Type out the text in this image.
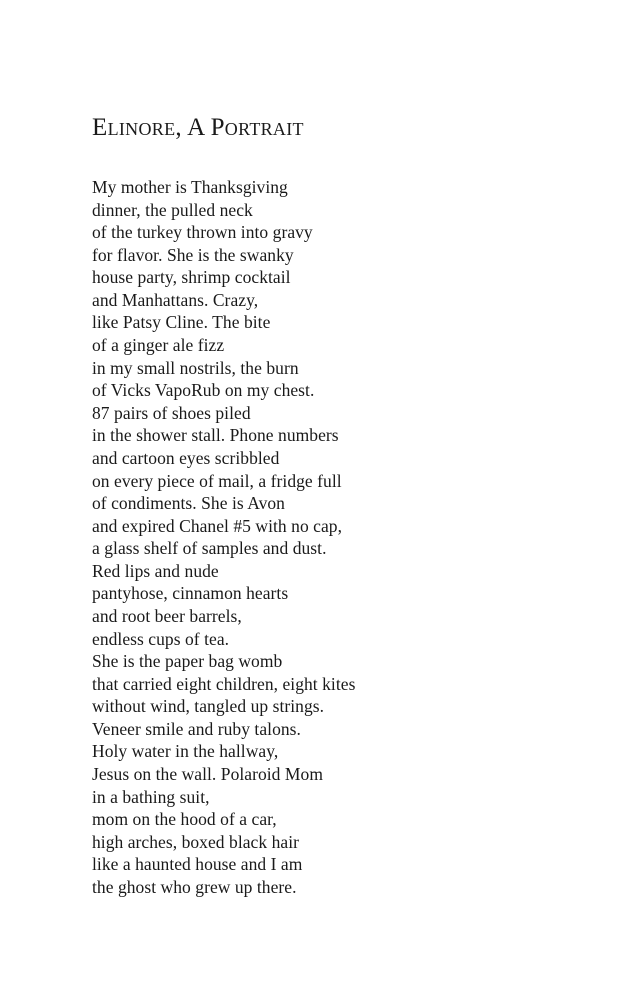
Elinore, A Portrait
My mother is Thanksgiving
dinner, the pulled neck
of the turkey thrown into gravy
for flavor. She is the swanky
house party, shrimp cocktail
and Manhattans. Crazy,
like Patsy Cline. The bite
of a ginger ale fizz
in my small nostrils, the burn
of Vicks VapoRub on my chest.
87 pairs of shoes piled
in the shower stall. Phone numbers
and cartoon eyes scribbled
on every piece of mail, a fridge full
of condiments. She is Avon
and expired Chanel #5 with no cap,
a glass shelf of samples and dust.
Red lips and nude
pantyhose, cinnamon hearts
and root beer barrels,
endless cups of tea.
She is the paper bag womb
that carried eight children, eight kites
without wind, tangled up strings.
Veneer smile and ruby talons.
Holy water in the hallway,
Jesus on the wall. Polaroid Mom
in a bathing suit,
mom on the hood of a car,
high arches, boxed black hair
like a haunted house and I am
the ghost who grew up there.
